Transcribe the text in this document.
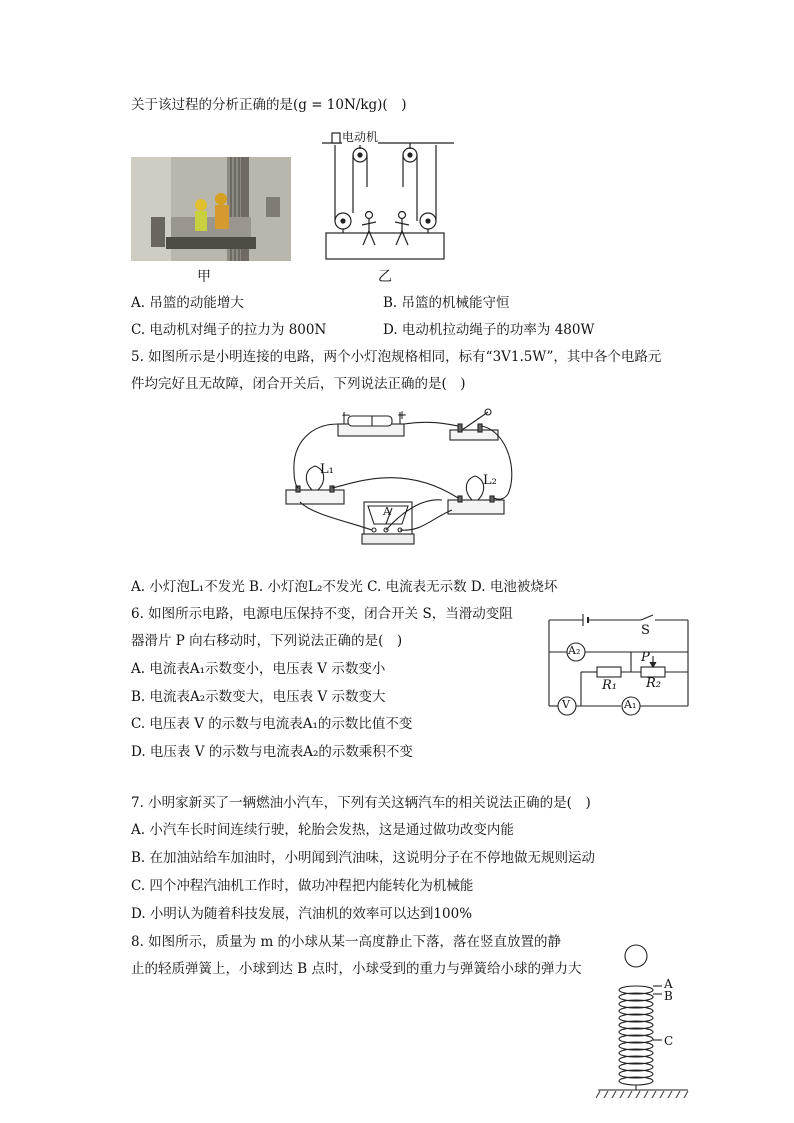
关于该过程的分析正确的是(g = 10N/kg)(　)
甲
电动机
乙
A. 吊篮的动能增大	B. 吊篮的机械能守恒
C. 电动机对绳子的拉力为 800N	D. 电动机拉动绳子的功率为 480W
5. 如图所示是小明连接的电路，两个小灯泡规格相同，标有“3V1.5W”，其中各个电路元
件均完好且无故障，闭合开关后，下列说法正确的是(　)
−	+
L₁
L₂
A
A. 小灯泡L₁不发光 B. 小灯泡L₂不发光 C. 电流表无示数 D. 电池被烧坏
6. 如图所示电路，电源电压保持不变，闭合开关 S，当滑动变阻
器滑片 P 向右移动时，下列说法正确的是(　)
A. 电流表A₁示数变小，电压表 V 示数变小
B. 电流表A₂示数变大，电压表 V 示数变大
C. 电压表 V 的示数与电流表A₁的示数比值不变
D. 电压表 V 的示数与电流表A₂的示数乘积不变
S
P
R₁ R₂
A₂
V	A₁
7. 小明家新买了一辆燃油小汽车，下列有关这辆汽车的相关说法正确的是(　)
A. 小汽车长时间连续行驶，轮胎会发热，这是通过做功改变内能
B. 在加油站给车加油时，小明闻到汽油味，这说明分子在不停地做无规则运动
C. 四个冲程汽油机工作时，做功冲程把内能转化为机械能
D. 小明认为随着科技发展，汽油机的效率可以达到100%
8. 如图所示，质量为 m 的小球从某一高度静止下落，落在竖直放置的静
止的轻质弹簧上，小球到达 B 点时，小球受到的重力与弹簧给小球的弹力大
A
B
C
